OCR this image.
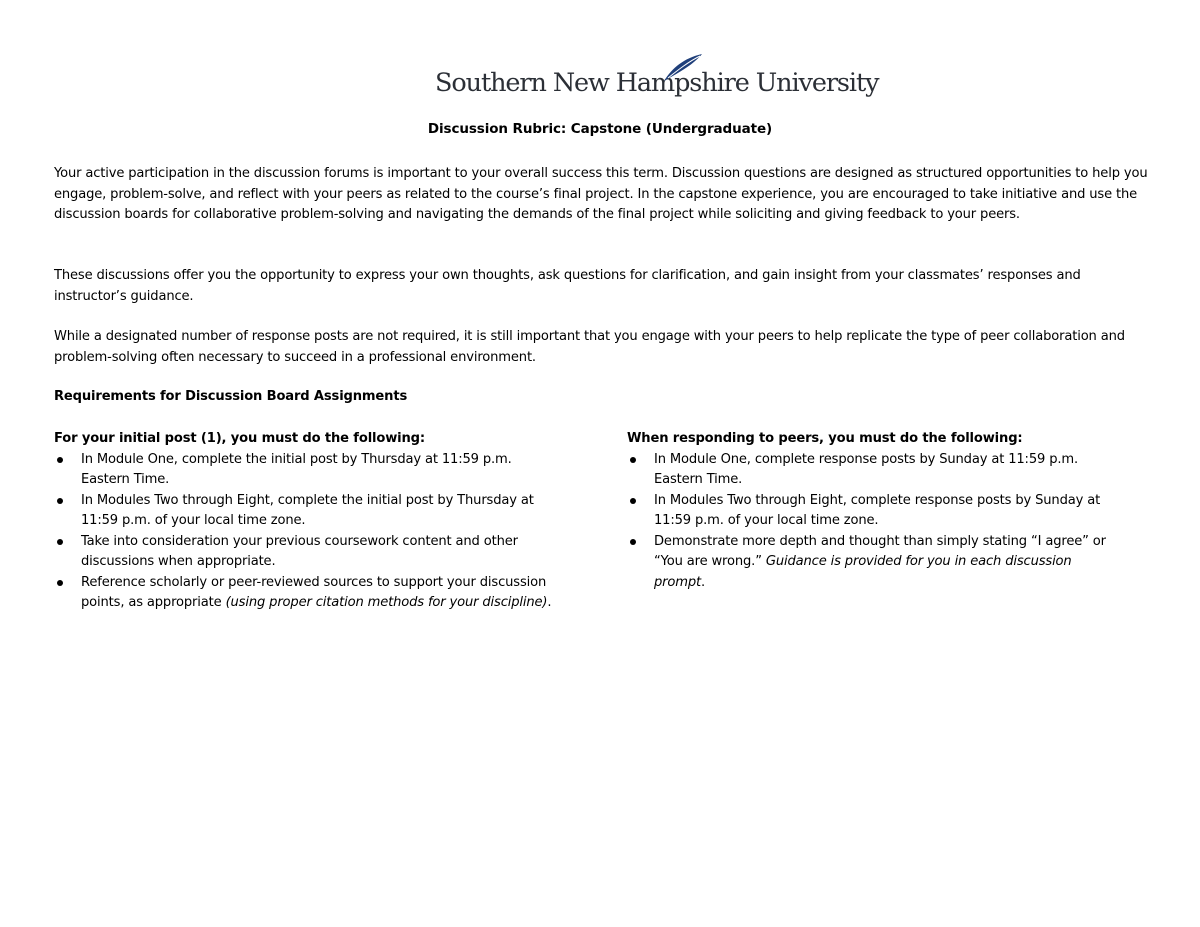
Southern New Hampshire University
Discussion Rubric: Capstone (Undergraduate)

Your active participation in the discussion forums is important to your overall success this term. Discussion questions are designed as structured opportunities to help you engage, problem-solve, and reflect with your peers as related to the course’s final project. In the capstone experience, you are encouraged to take initiative and use the discussion boards for collaborative problem-solving and navigating the demands of the final project while soliciting and giving feedback to your peers.

These discussions offer you the opportunity to express your own thoughts, ask questions for clarification, and gain insight from your classmates’ responses and instructor’s guidance.

While a designated number of response posts are not required, it is still important that you engage with your peers to help replicate the type of peer collaboration and problem-solving often necessary to succeed in a professional environment.

Requirements for Discussion Board Assignments

For your initial post (1), you must do the following:

In Module One, complete the initial post by Thursday at 11:59 p.m. Eastern Time.
In Modules Two through Eight, complete the initial post by Thursday at 11:59 p.m. of your local time zone.
Take into consideration your previous coursework content and other discussions when appropriate.
Reference scholarly or peer-reviewed sources to support your discussion points, as appropriate (using proper citation methods for your discipline).

When responding to peers, you must do the following:

In Module One, complete response posts by Sunday at 11:59 p.m. Eastern Time.
In Modules Two through Eight, complete response posts by Sunday at 11:59 p.m. of your local time zone.
Demonstrate more depth and thought than simply stating “I agree” or “You are wrong.” Guidance is provided for you in each discussion prompt.
